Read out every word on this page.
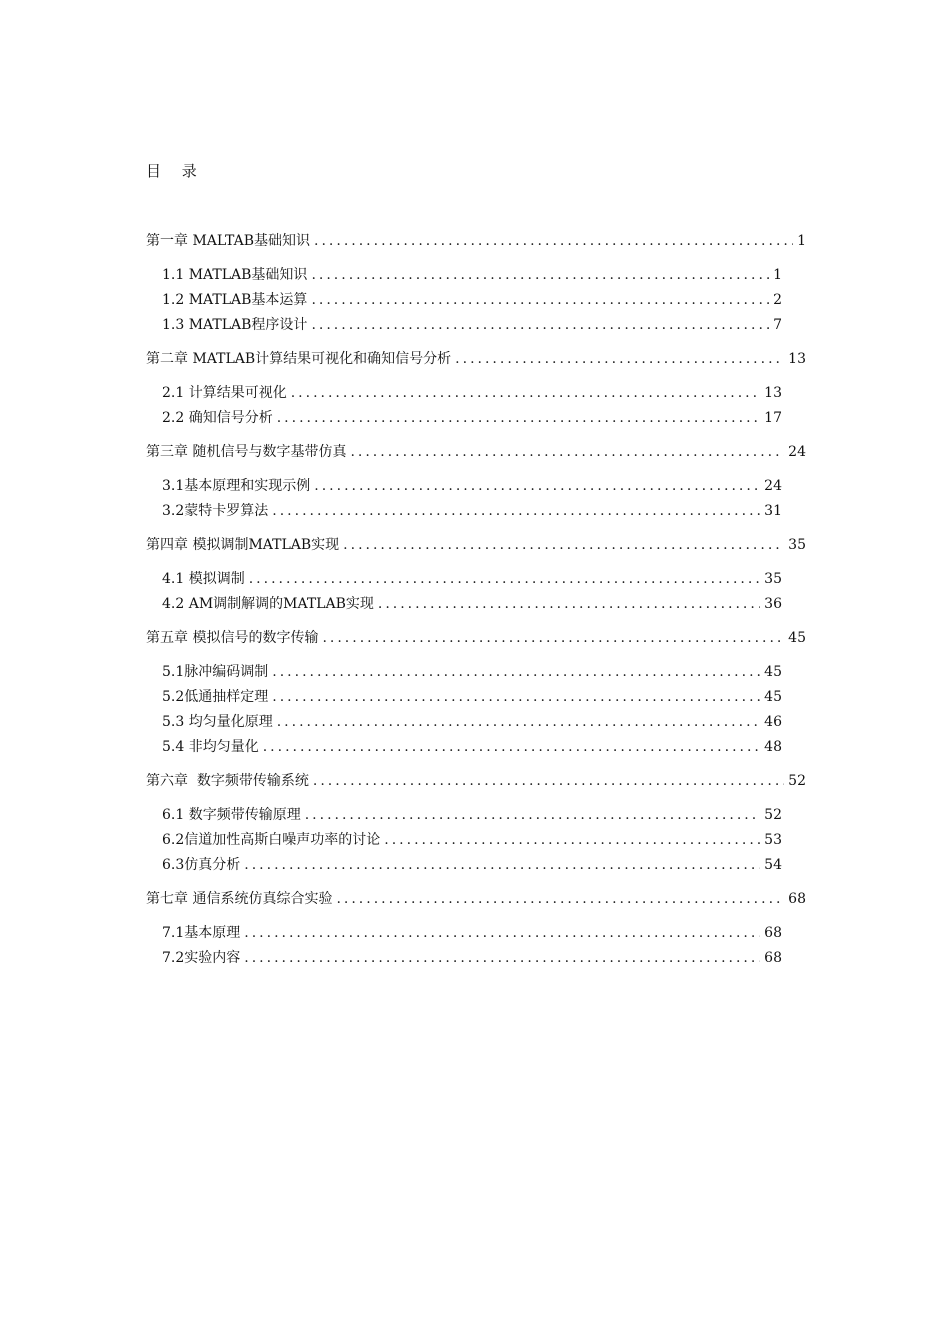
目 录
第一章 MALTAB基础知识 .....	1
1.1 MATLAB基础知识 .....	1
1.2 MATLAB基本运算 .....	2
1.3 MATLAB程序设计 .....	7
第二章 MATLAB计算结果可视化和确知信号分析 .....	13
2.1 计算结果可视化 .....	13
2.2 确知信号分析 .....	17
第三章 随机信号与数字基带仿真 .....	24
3.1基本原理和实现示例 .....	24
3.2蒙特卡罗算法 .....	31
第四章 模拟调制MATLAB实现 .....	35
4.1 模拟调制 .....	35
4.2 AM调制解调的MATLAB实现 .....	36
第五章 模拟信号的数字传输 .....	45
5.1脉冲编码调制 .....	45
5.2低通抽样定理 .....	45
5.3 均匀量化原理 .....	46
5.4 非均匀量化 .....	48
第六章  数字频带传输系统 .....	52
6.1 数字频带传输原理 .....	52
6.2信道加性高斯白噪声功率的讨论 .....	53
6.3仿真分析 .....	54
第七章 通信系统仿真综合实验 .....	68
7.1基本原理 .....	68
7.2实验内容 .....	68
